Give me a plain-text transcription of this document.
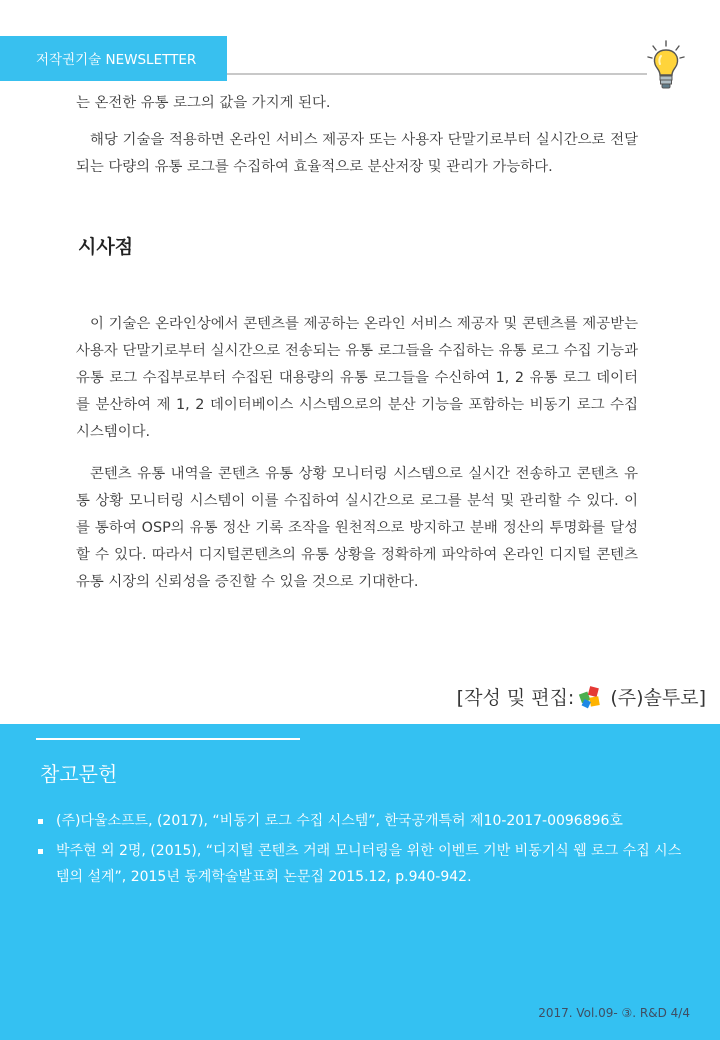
저작권기술 NEWSLETTER

는 온전한 유통 로그의 값을 가지게 된다.

해당 기술을 적용하면 온라인 서비스 제공자 또는 사용자 단말기로부터 실시간으로 전달되는 다량의 유통 로그를 수집하여 효율적으로 분산저장 및 관리가 가능하다.

시사점

이 기술은 온라인상에서 콘텐츠를 제공하는 온라인 서비스 제공자 및 콘텐츠를 제공받는 사용자 단말기로부터 실시간으로 전송되는 유통 로그들을 수집하는 유통 로그 수집 기능과 유통 로그 수집부로부터 수집된 대용량의 유통 로그들을 수신하여 1, 2 유통 로그 데이터를 분산하여 제 1, 2 데이터베이스 시스템으로의 분산 기능을 포함하는 비동기 로그 수집 시스템이다.

콘텐츠 유통 내역을 콘텐츠 유통 상황 모니터링 시스템으로 실시간 전송하고 콘텐츠 유통 상황 모니터링 시스템이 이를 수집하여 실시간으로 로그를 분석 및 관리할 수 있다. 이를 통하여 OSP의 유통 정산 기록 조작을 원천적으로 방지하고 분배 정산의 투명화를 달성할 수 있다. 따라서 디지털콘텐츠의 유통 상황을 정확하게 파악하여 온라인 디지털 콘텐츠 유통 시장의 신뢰성을 증진할 수 있을 것으로 기대한다.

[작성 및 편집: (주)솔투로]
참고문헌
(주)다울소프트, (2017), “비동기 로그 수집 시스템”, 한국공개특허 제10-2017-0096896호
박주현 외 2명, (2015), “디지털 콘텐츠 거래 모니터링을 위한 이벤트 기반 비동기식 웹 로그 수집 시스템의 설계”, 2015년 동계학술발표회 논문집 2015.12, p.940-942.
2017. Vol.09- ③. R&D 4/4
